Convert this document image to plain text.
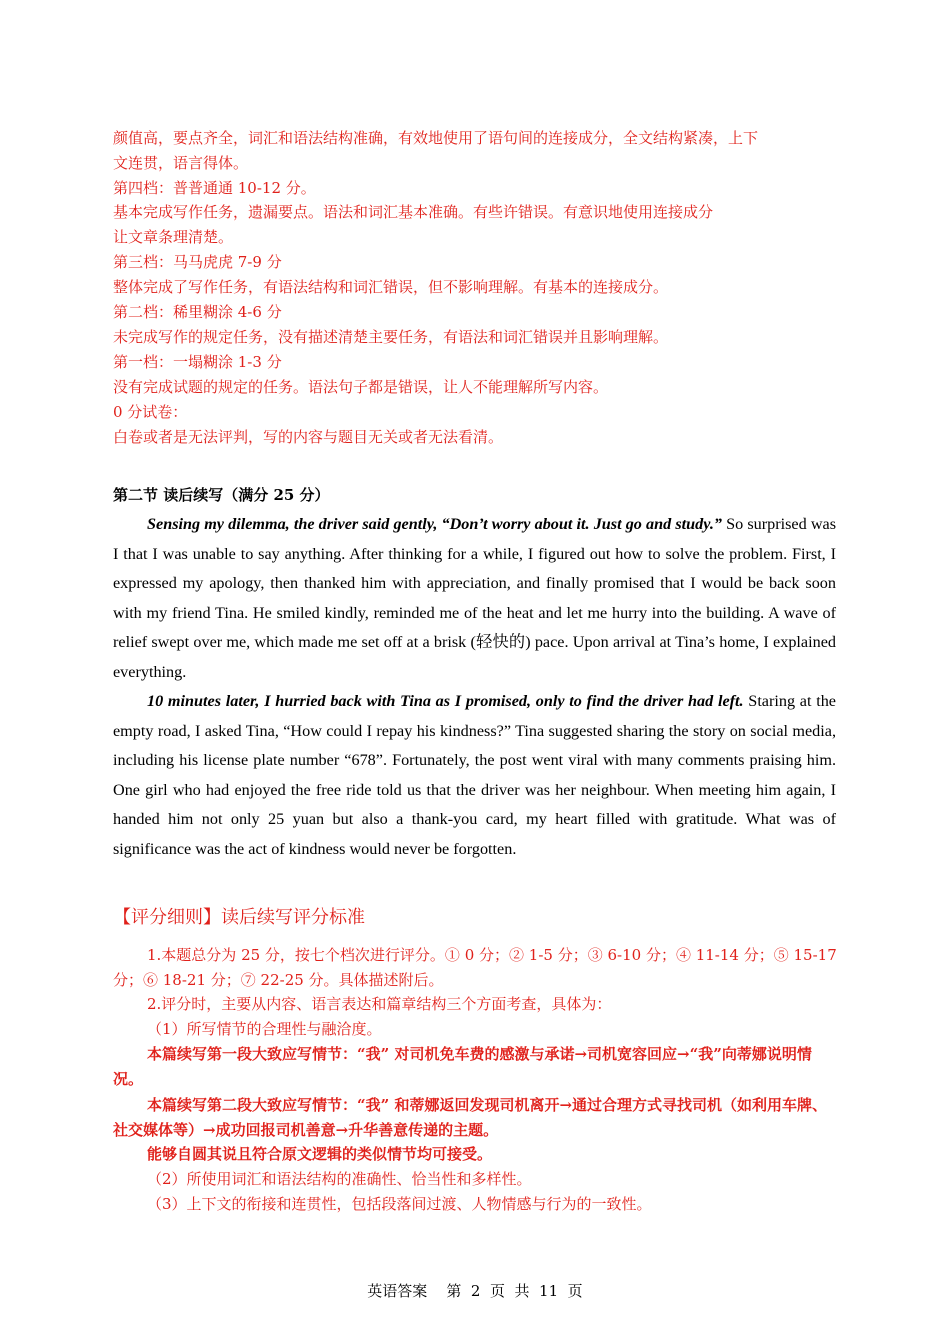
颜值高，要点齐全，词汇和语法结构准确，有效地使用了语句间的连接成分，全文结构紧凑，上下
文连贯，语言得体。
第四档：普普通通 10-12 分。
基本完成写作任务，遗漏要点。语法和词汇基本准确。有些许错误。有意识地使用连接成分
让文章条理清楚。
第三档：马马虎虎 7-9 分
整体完成了写作任务，有语法结构和词汇错误，但不影响理解。有基本的连接成分。
第二档：稀里糊涂 4-6 分
未完成写作的规定任务，没有描述清楚主要任务，有语法和词汇错误并且影响理解。
第一档：一塌糊涂 1-3 分
没有完成试题的规定的任务。语法句子都是错误，让人不能理解所写内容。
0 分试卷：
白卷或者是无法评判，写的内容与题目无关或者无法看清。
第二节 读后续写（满分 25 分）
Sensing my dilemma, the driver said gently, “Don’t worry about it. Just go and study.” So surprised was I that I was unable to say anything. After thinking for a while, I figured out how to solve the problem. First, I expressed my apology, then thanked him with appreciation, and finally promised that I would be back soon with my friend Tina. He smiled kindly, reminded me of the heat and let me hurry into the building. A wave of relief swept over me, which made me set off at a brisk (轻快的) pace. Upon arrival at Tina’s home, I explained everything.
10 minutes later, I hurried back with Tina as I promised, only to find the driver had left. Staring at the empty road, I asked Tina, “How could I repay his kindness?” Tina suggested sharing the story on social media, including his license plate number “678”. Fortunately, the post went viral with many comments praising him. One girl who had enjoyed the free ride told us that the driver was her neighbour. When meeting him again, I handed him not only 25 yuan but also a thank-you card, my heart filled with gratitude. What was of significance was the act of kindness would never be forgotten.
【评分细则】读后续写评分标准
1.本题总分为 25 分，按七个档次进行评分。① 0 分；② 1-5 分；③ 6-10 分；④ 11-14 分；⑤ 15-17 分；⑥ 18-21 分；⑦ 22-25 分。具体描述附后。
2.评分时，主要从内容、语言表达和篇章结构三个方面考查，具体为：
（1）所写情节的合理性与融洽度。
本篇续写第一段大致应写情节：“我” 对司机免车费的感激与承诺→司机宽容回应→“我”向蒂娜说明情况。
本篇续写第二段大致应写情节：“我” 和蒂娜返回发现司机离开→通过合理方式寻找司机（如利用车牌、社交媒体等）→成功回报司机善意→升华善意传递的主题。
能够自圆其说且符合原文逻辑的类似情节均可接受。
（2）所使用词汇和语法结构的准确性、恰当性和多样性。
（3）上下文的衔接和连贯性，包括段落间过渡、人物情感与行为的一致性。
英语答案    第  2  页  共  11  页
